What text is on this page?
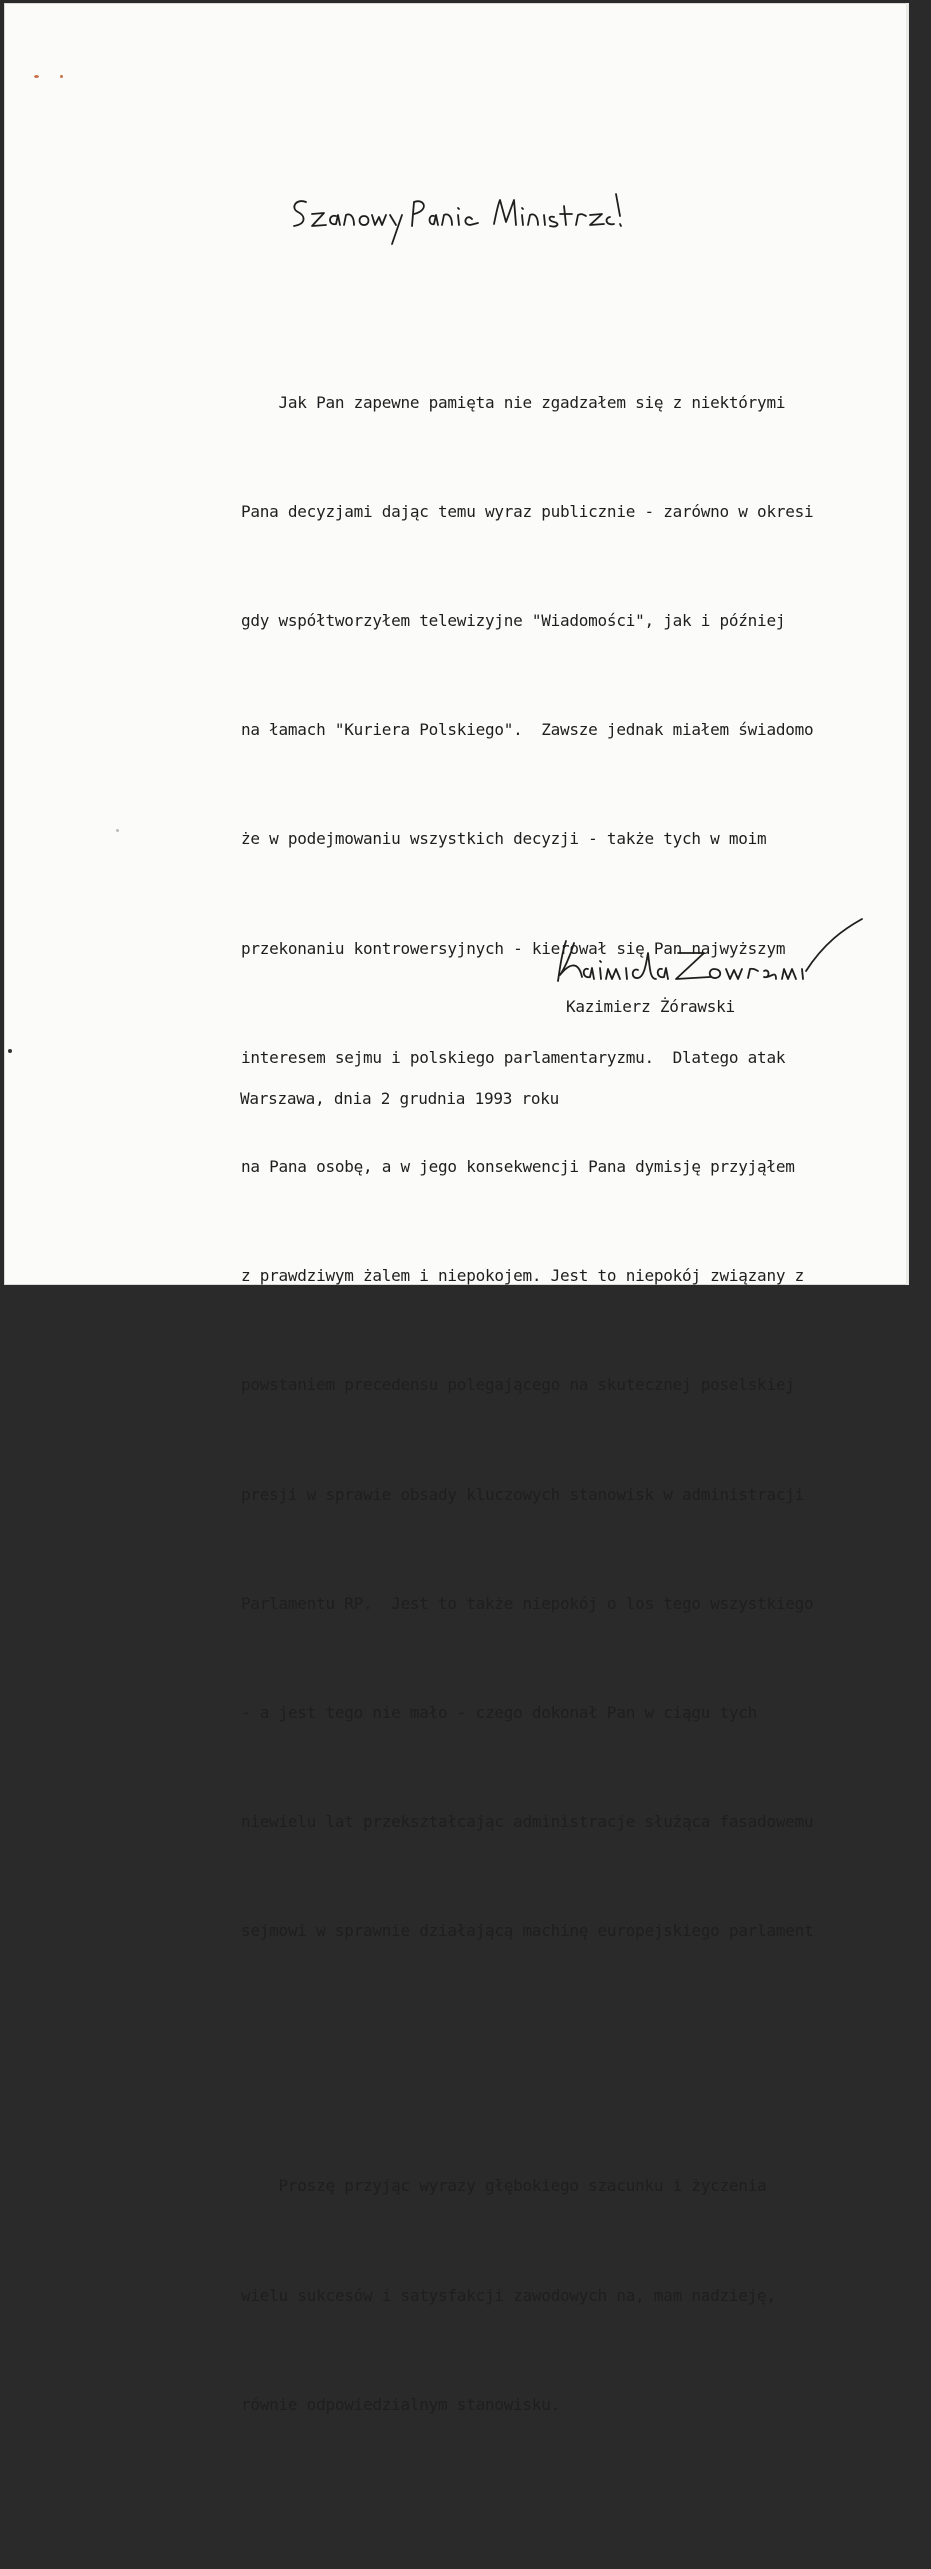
Jak Pan zapewne pamięta nie zgadzałem się z niektórymi

Pana decyzjami dając temu wyraz publicznie - zarówno w okresi

gdy współtworzyłem telewizyjne "Wiadomości", jak i później

na łamach "Kuriera Polskiego".  Zawsze jednak miałem świadomo

że w podejmowaniu wszystkich decyzji - także tych w moim

przekonaniu kontrowersyjnych - kierował się Pan najwyższym

interesem sejmu i polskiego parlamentaryzmu.  Dlatego atak

na Pana osobę, a w jego konsekwencji Pana dymisję przyjąłem

z prawdziwym żalem i niepokojem. Jest to niepokój związany z

powstaniem precedensu polegającego na skutecznej poselskiej

presji w sprawie obsady kluczowych stanowisk w administracji

Parlamentu RP.  Jest to także niepokój o los tego wszystkiego

- a jest tego nie mało - czego dokonał Pan w ciągu tych

niewielu lat przekształcając administracje służąca fasadowemu

sejmowi w sprawnie działającą machinę europejskiego parlament

Proszę przyjąc wyrazy głębokiego szacunku i życzenia

wielu sukcesów i satysfakcji zawodowych na, mam nadzieję,

równie odpowiedzialnym stanowisku.

Kazimierz Żórawski
Warszawa, dnia 2 grudnia 1993 roku
